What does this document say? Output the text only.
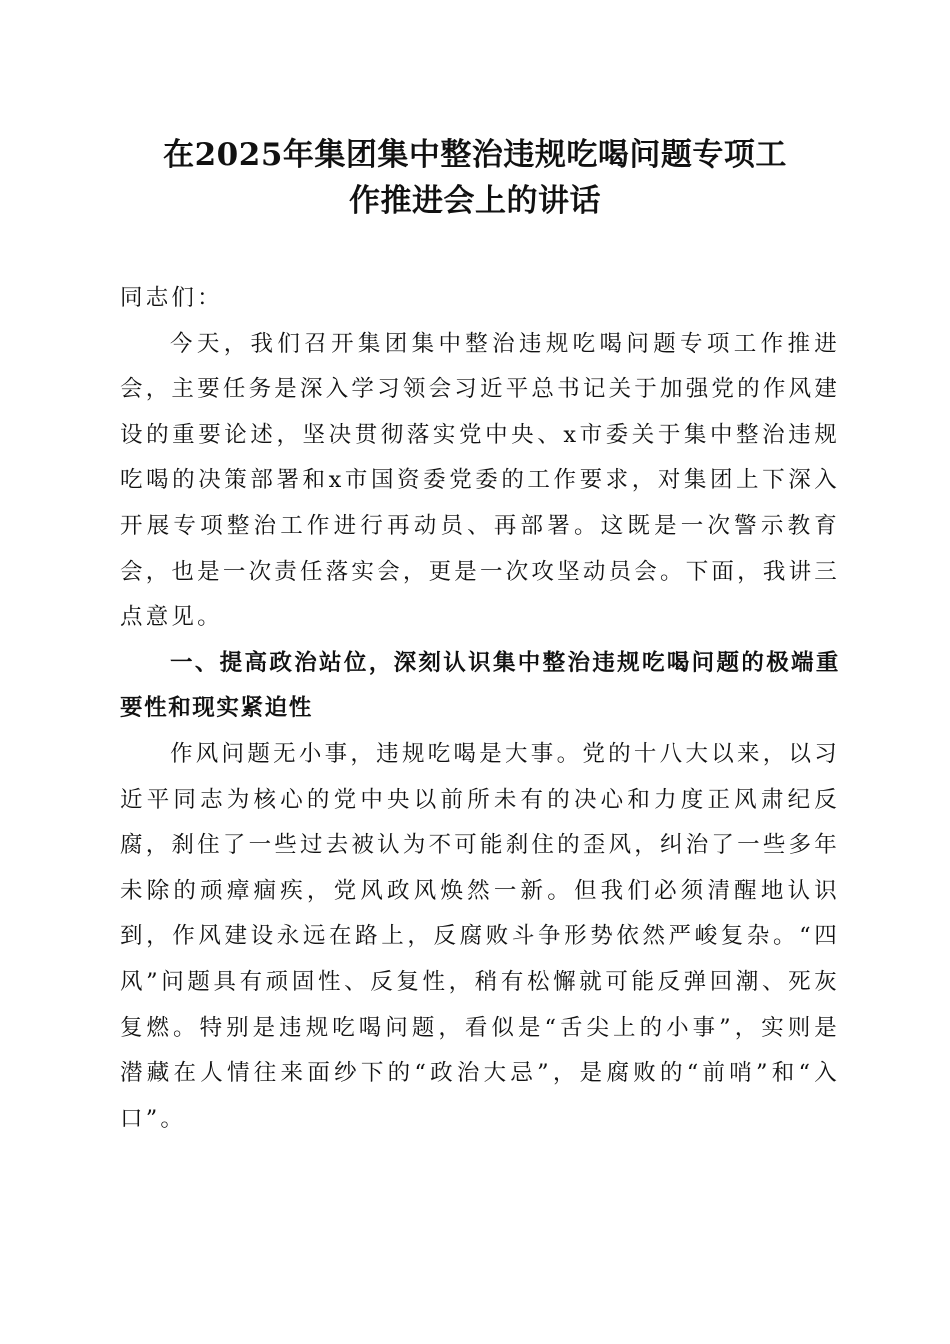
在2025年集团集中整治违规吃喝问题专项工
作推进会上的讲话

同志们：

今天，我们召开集团集中整治违规吃喝问题专项工作推进会，主要任务是深入学习领会习近平总书记关于加强党的作风建设的重要论述，坚决贯彻落实党中央、x市委关于集中整治违规吃喝的决策部署和x市国资委党委的工作要求，对集团上下深入开展专项整治工作进行再动员、再部署。这既是一次警示教育会，也是一次责任落实会，更是一次攻坚动员会。下面，我讲三点意见。

一、提高政治站位，深刻认识集中整治违规吃喝问题的极端重要性和现实紧迫性

作风问题无小事，违规吃喝是大事。党的十八大以来，以习近平同志为核心的党中央以前所未有的决心和力度正风肃纪反腐，刹住了一些过去被认为不可能刹住的歪风，纠治了一些多年未除的顽瘴痼疾，党风政风焕然一新。但我们必须清醒地认识到，作风建设永远在路上，反腐败斗争形势依然严峻复杂。“四风”问题具有顽固性、反复性，稍有松懈就可能反弹回潮、死灰复燃。特别是违规吃喝问题，看似是“舌尖上的小事”，实则是潜藏在人情往来面纱下的“政治大忌”，是腐败的“前哨”和“入口”。
